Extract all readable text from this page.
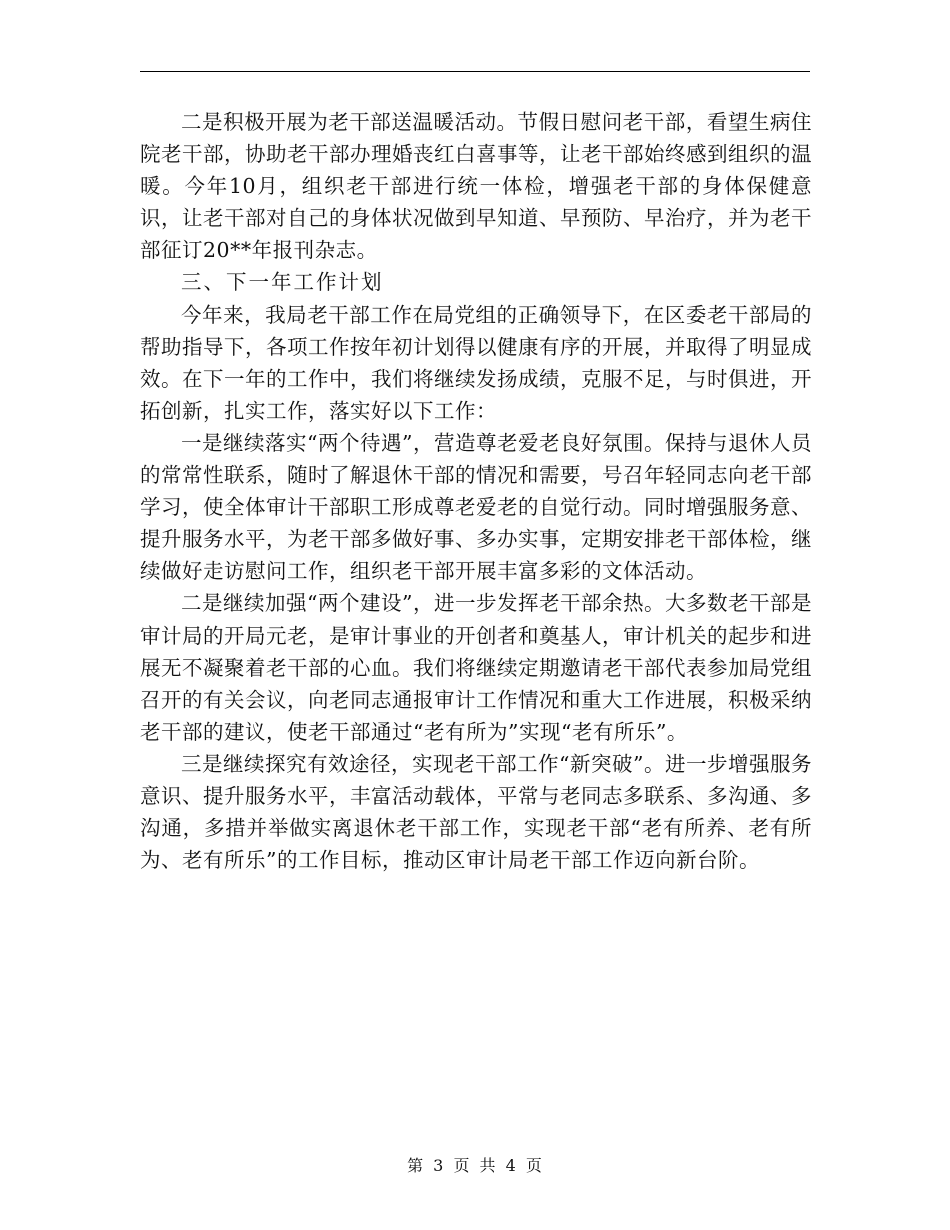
二是积极开展为老干部送温暖活动。节假日慰问老干部，看望生病住院老干部，协助老干部办理婚丧红白喜事等，让老干部始终感到组织的温暖。今年10月，组织老干部进行统一体检，增强老干部的身体保健意识，让老干部对自己的身体状况做到早知道、早预防、早治疗，并为老干部征订20**年报刊杂志。

三、下一年工作计划

今年来，我局老干部工作在局党组的正确领导下，在区委老干部局的帮助指导下，各项工作按年初计划得以健康有序的开展，并取得了明显成效。在下一年的工作中，我们将继续发扬成绩，克服不足，与时俱进，开拓创新，扎实工作，落实好以下工作：

一是继续落实“两个待遇”，营造尊老爱老良好氛围。保持与退休人员的常常性联系，随时了解退休干部的情况和需要，号召年轻同志向老干部学习，使全体审计干部职工形成尊老爱老的自觉行动。同时增强服务意、提升服务水平，为老干部多做好事、多办实事，定期安排老干部体检，继续做好走访慰问工作，组织老干部开展丰富多彩的文体活动。

二是继续加强“两个建设”，进一步发挥老干部余热。大多数老干部是审计局的开局元老，是审计事业的开创者和奠基人，审计机关的起步和进展无不凝聚着老干部的心血。我们将继续定期邀请老干部代表参加局党组召开的有关会议，向老同志通报审计工作情况和重大工作进展，积极采纳老干部的建议，使老干部通过“老有所为”实现“老有所乐”。

三是继续探究有效途径，实现老干部工作“新突破”。进一步增强服务意识、提升服务水平，丰富活动载体，平常与老同志多联系、多沟通、多沟通，多措并举做实离退休老干部工作，实现老干部“老有所养、老有所为、老有所乐”的工作目标，推动区审计局老干部工作迈向新台阶。

第 3 页 共 4 页
